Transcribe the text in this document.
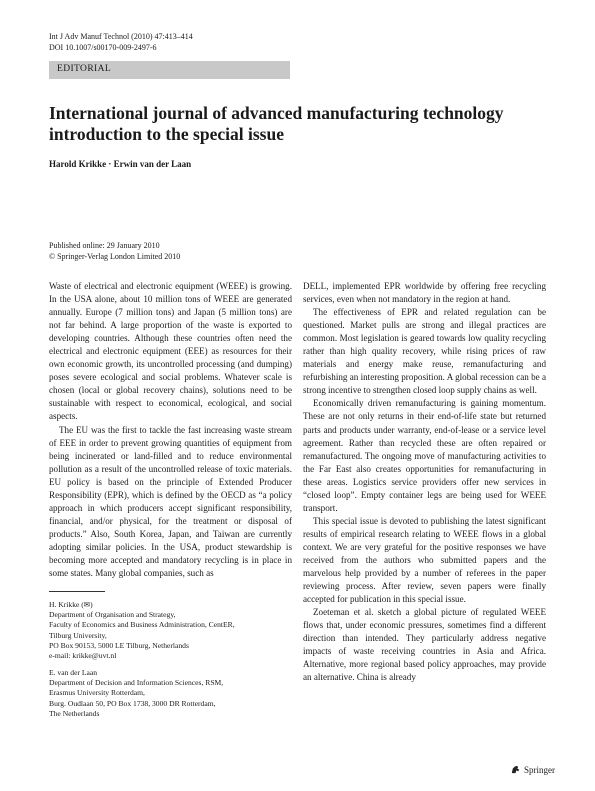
Int J Adv Manuf Technol (2010) 47:413–414
DOI 10.1007/s00170-009-2497-6
EDITORIAL
International journal of advanced manufacturing technology introduction to the special issue
Harold Krikke · Erwin van der Laan
Published online: 29 January 2010
© Springer-Verlag London Limited 2010

Waste of electrical and electronic equipment (WEEE) is growing. In the USA alone, about 10 million tons of WEEE are generated annually. Europe (7 million tons) and Japan (5 million tons) are not far behind. A large proportion of the waste is exported to developing countries. Although these countries often need the electrical and electronic equipment (EEE) as resources for their own economic growth, its uncontrolled processing (and dumping) poses severe ecological and social problems. Whatever scale is chosen (local or global recovery chains), solutions need to be sustainable with respect to economical, ecological, and social aspects.

The EU was the first to tackle the fast increasing waste stream of EEE in order to prevent growing quantities of equipment from being incinerated or land-filled and to reduce environmental pollution as a result of the uncontrolled release of toxic materials. EU policy is based on the principle of Extended Producer Responsibility (EPR), which is defined by the OECD as “a policy approach in which producers accept significant responsibility, financial, and/or physical, for the treatment or disposal of products.” Also, South Korea, Japan, and Taiwan are currently adopting similar policies. In the USA, product stewardship is becoming more accepted and mandatory recycling is in place in some states. Many global companies, such as

DELL, implemented EPR worldwide by offering free recycling services, even when not mandatory in the region at hand.

The effectiveness of EPR and related regulation can be questioned. Market pulls are strong and illegal practices are common. Most legislation is geared towards low quality recycling rather than high quality recovery, while rising prices of raw materials and energy make reuse, remanufacturing and refurbishing an interesting proposition. A global recession can be a strong incentive to strengthen closed loop supply chains as well.

Economically driven remanufacturing is gaining momentum. These are not only returns in their end-of-life state but returned parts and products under warranty, end-of-lease or a service level agreement. Rather than recycled these are often repaired or remanufactured. The ongoing move of manufacturing activities to the Far East also creates opportunities for remanufacturing in these areas. Logistics service providers offer new services in “closed loop”. Empty container legs are being used for WEEE transport.

This special issue is devoted to publishing the latest significant results of empirical research relating to WEEE flows in a global context. We are very grateful for the positive responses we have received from the authors who submitted papers and the marvelous help provided by a number of referees in the paper reviewing process. After review, seven papers were finally accepted for publication in this special issue.

Zoeteman et al. sketch a global picture of regulated WEEE flows that, under economic pressures, sometimes find a different direction than intended. They particularly address negative impacts of waste receiving countries in Asia and Africa. Alternative, more regional based policy approaches, may provide an alternative. China is already

H. Krikke (✉)
Department of Organisation and Strategy,
Faculty of Economics and Business Administration, CentER,
Tilburg University,
PO Box 90153, 5000 LE Tilburg, Netherlands
e-mail: krikke@uvt.nl
E. van der Laan
Department of Decision and Information Sciences, RSM,
Erasmus University Rotterdam,
Burg. Oudlaan 50, PO Box 1738, 3000 DR Rotterdam,
The Netherlands
Springer
